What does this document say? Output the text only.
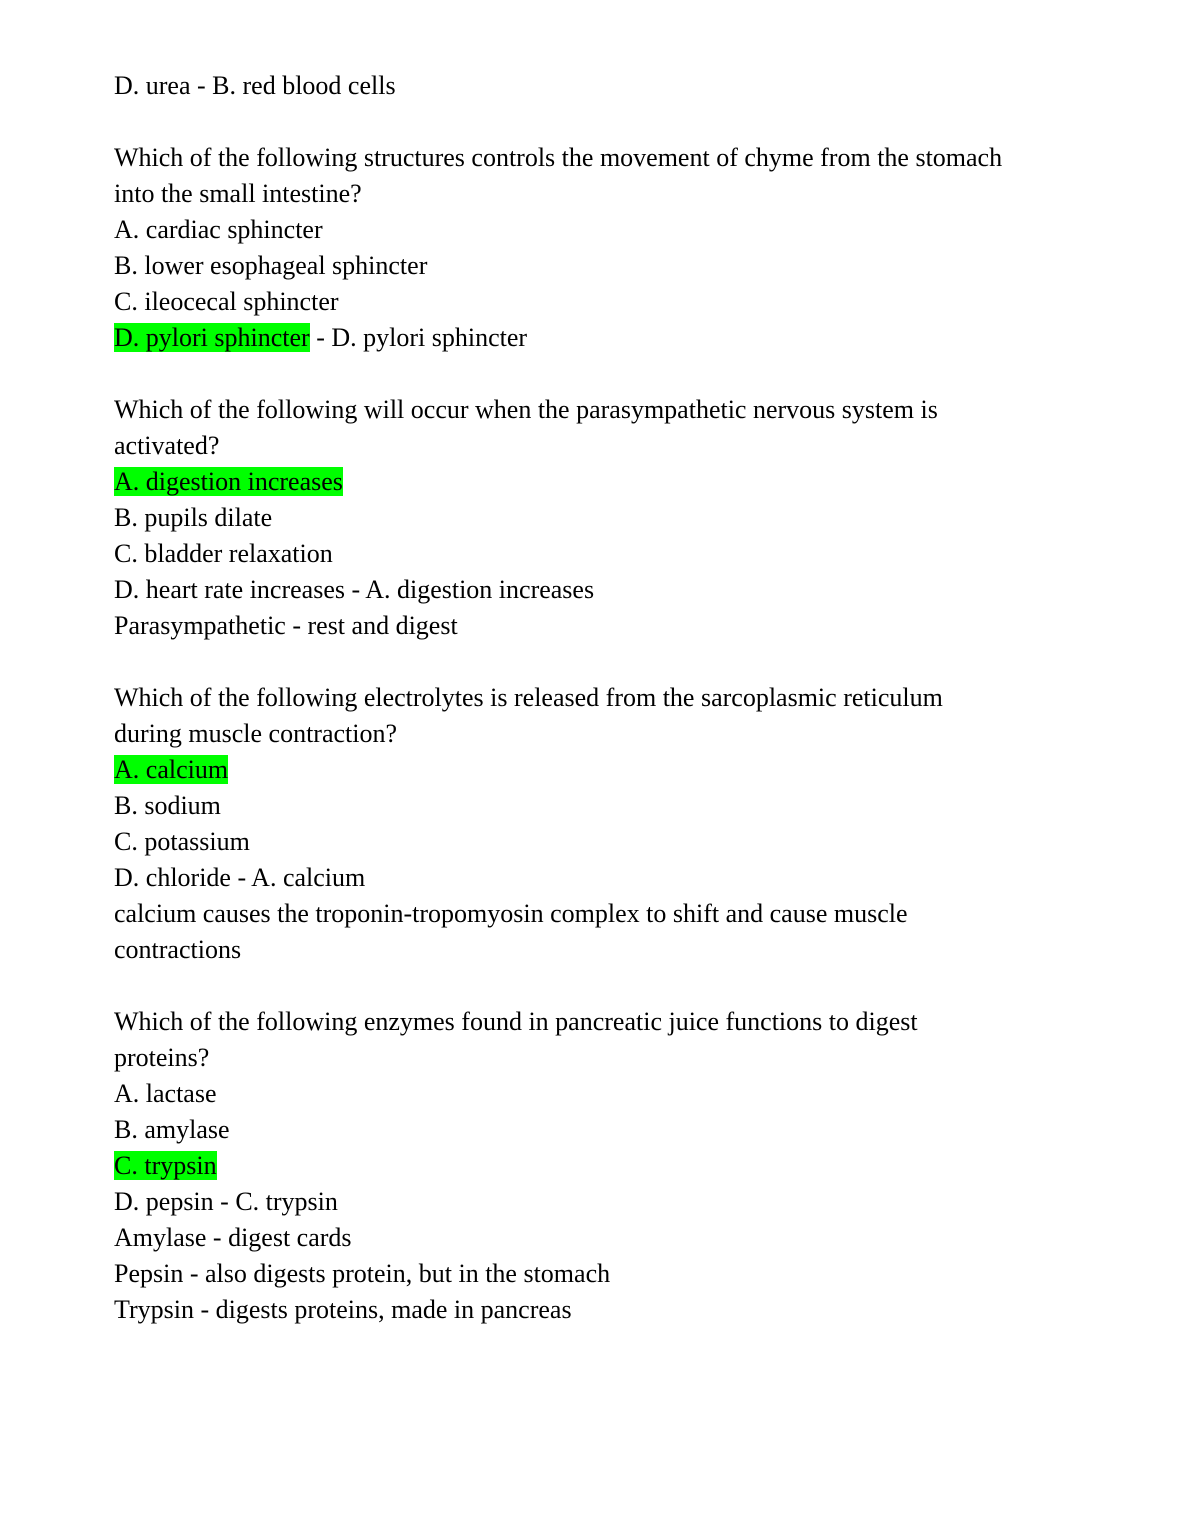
D. urea - B. red blood cells
Which of the following structures controls the movement of chyme from the stomach
into the small intestine?
A. cardiac sphincter
B. lower esophageal sphincter
C. ileocecal sphincter
D. pylori sphincter - D. pylori sphincter
Which of the following will occur when the parasympathetic nervous system is
activated?
A. digestion increases
B. pupils dilate
C. bladder relaxation
D. heart rate increases - A. digestion increases
Parasympathetic - rest and digest
Which of the following electrolytes is released from the sarcoplasmic reticulum
during muscle contraction?
A. calcium
B. sodium
C. potassium
D. chloride - A. calcium
calcium causes the troponin-tropomyosin complex to shift and cause muscle
contractions
Which of the following enzymes found in pancreatic juice functions to digest
proteins?
A. lactase
B. amylase
C. trypsin
D. pepsin - C. trypsin
Amylase - digest cards
Pepsin - also digests protein, but in the stomach
Trypsin - digests proteins, made in pancreas
